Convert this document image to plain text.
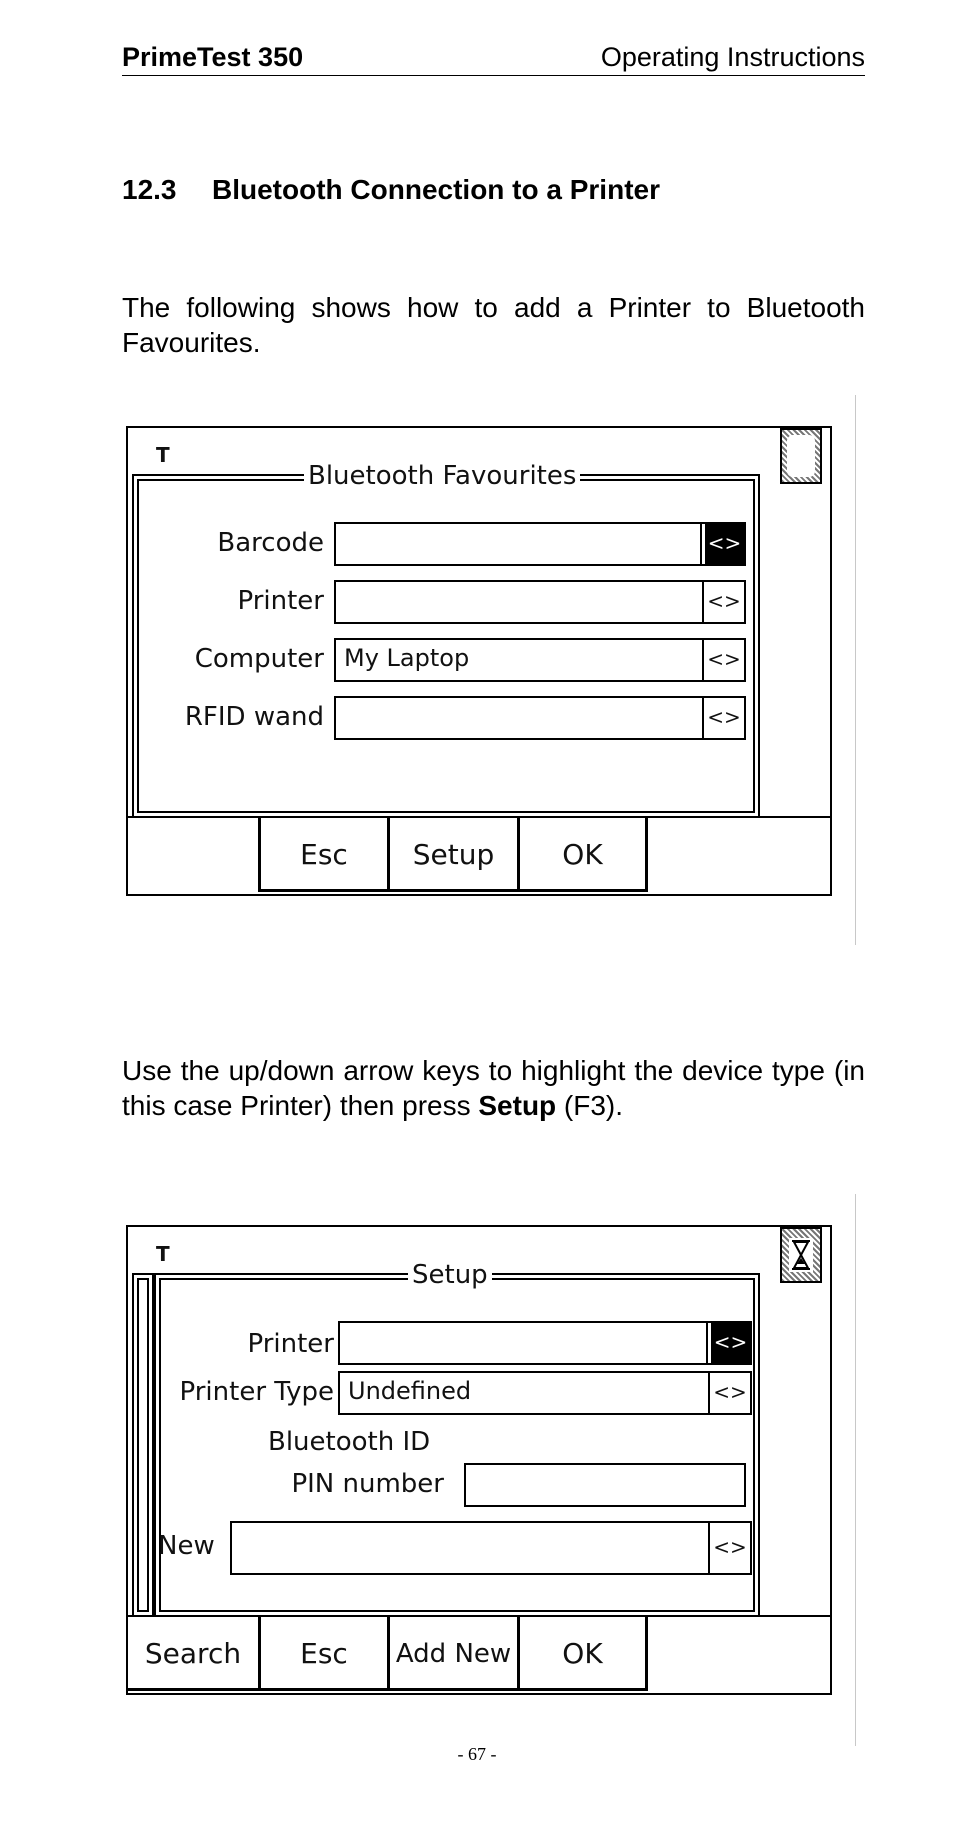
PrimeTest 350	Operating Instructions
12.3 Bluetooth Connection to a Printer
The following shows how to add a Printer to Bluetooth Favourites.
T
Bluetooth Favourites
Barcode	<>
Printer	<>
Computer My Laptop	<>
RFID wand	<>
Esc	Setup	OK
Use the up/down arrow keys to highlight the device type (in this case Printer) then press Setup (F3).
T
Setup
Printer	<>
Printer Type Undefined	<>
Bluetooth ID
PIN number
New	<>
Search	Esc	Add New	OK
- 67 -
